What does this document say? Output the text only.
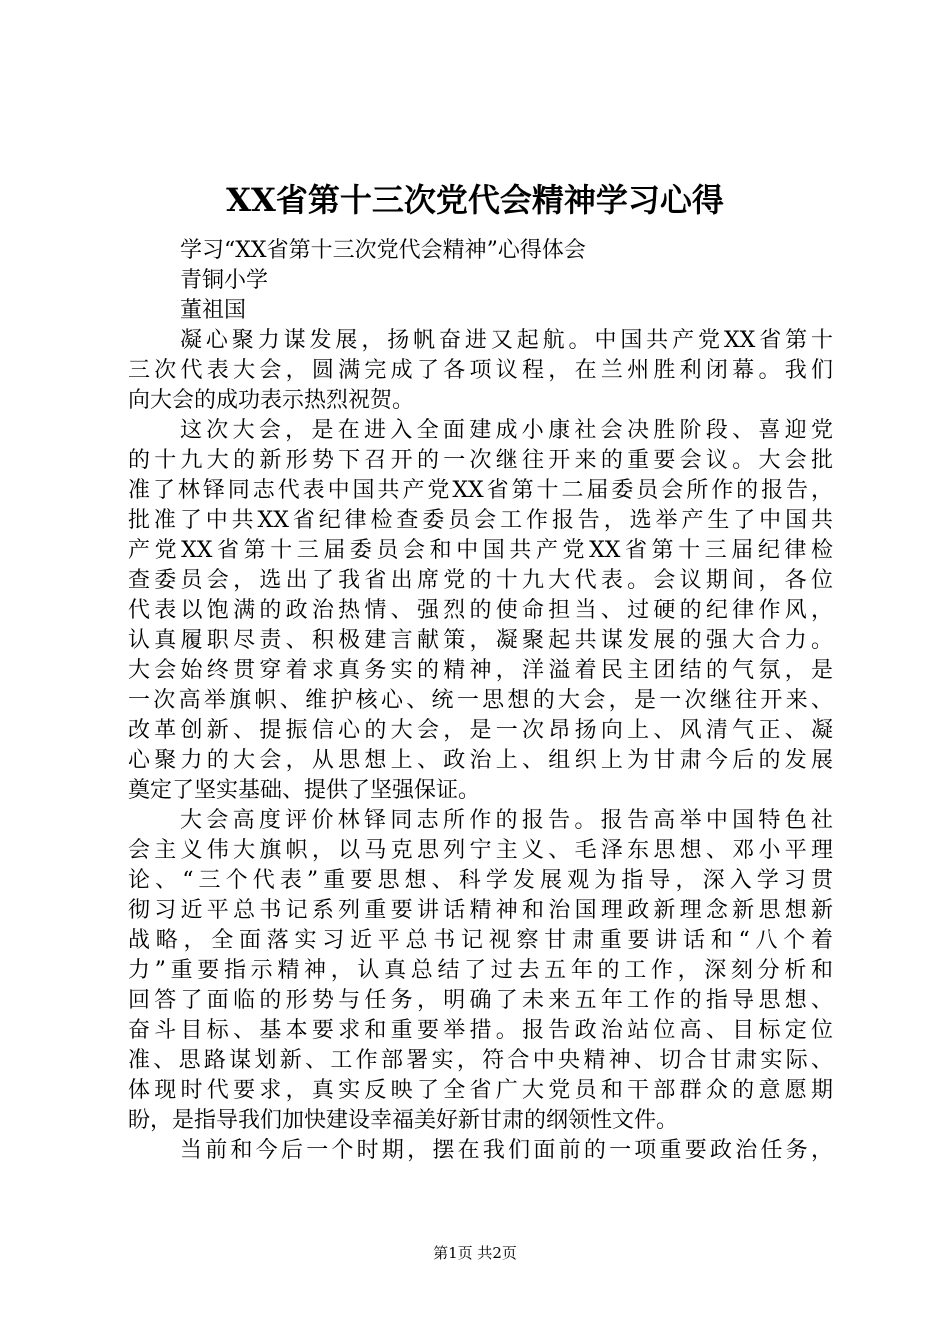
XX省第十三次党代会精神学习心得
学习“XX省第十三次党代会精神”心得体会
青铜小学
董祖国
凝心聚力谋发展，扬帆奋进又起航。中国共产党XX省第十
三次代表大会，圆满完成了各项议程，在兰州胜利闭幕。我们
向大会的成功表示热烈祝贺。
这次大会，是在进入全面建成小康社会决胜阶段、喜迎党
的十九大的新形势下召开的一次继往开来的重要会议。大会批
准了林铎同志代表中国共产党XX省第十二届委员会所作的报告，
批准了中共XX省纪律检查委员会工作报告，选举产生了中国共
产党XX省第十三届委员会和中国共产党XX省第十三届纪律检
查委员会，选出了我省出席党的十九大代表。会议期间，各位
代表以饱满的政治热情、强烈的使命担当、过硬的纪律作风，
认真履职尽责、积极建言献策，凝聚起共谋发展的强大合力。
大会始终贯穿着求真务实的精神，洋溢着民主团结的气氛，是
一次高举旗帜、维护核心、统一思想的大会，是一次继往开来、
改革创新、提振信心的大会，是一次昂扬向上、风清气正、凝
心聚力的大会，从思想上、政治上、组织上为甘肃今后的发展
奠定了坚实基础、提供了坚强保证。
大会高度评价林铎同志所作的报告。报告高举中国特色社
会主义伟大旗帜，以马克思列宁主义、毛泽东思想、邓小平理
论、“三个代表”重要思想、科学发展观为指导，深入学习贯
彻习近平总书记系列重要讲话精神和治国理政新理念新思想新
战略，全面落实习近平总书记视察甘肃重要讲话和“八个着
力”重要指示精神，认真总结了过去五年的工作，深刻分析和
回答了面临的形势与任务，明确了未来五年工作的指导思想、
奋斗目标、基本要求和重要举措。报告政治站位高、目标定位
准、思路谋划新、工作部署实，符合中央精神、切合甘肃实际、
体现时代要求，真实反映了全省广大党员和干部群众的意愿期
盼，是指导我们加快建设幸福美好新甘肃的纲领性文件。
当前和今后一个时期，摆在我们面前的一项重要政治任务，
第1页 共2页
